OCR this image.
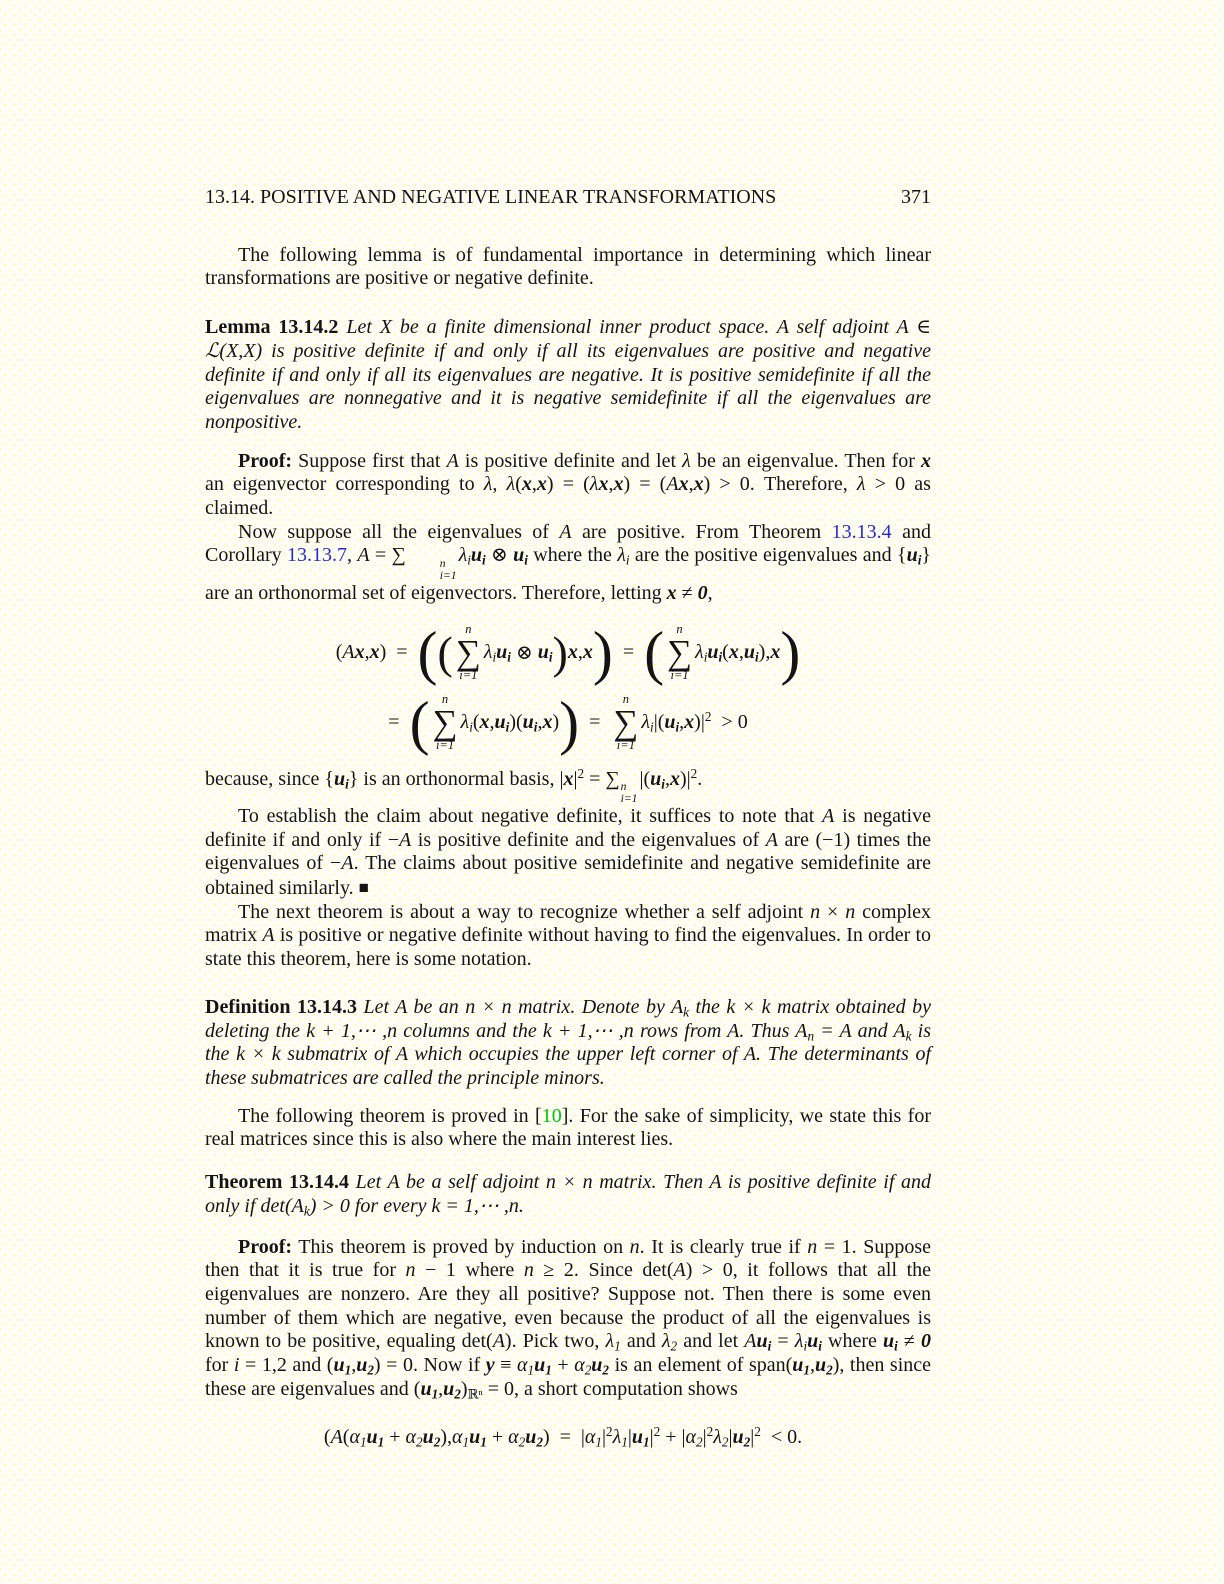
13.14. POSITIVE AND NEGATIVE LINEAR TRANSFORMATIONS	371
The following lemma is of fundamental importance in determining which linear transformations are positive or negative definite.
Lemma 13.14.2 Let X be a finite dimensional inner product space. A self adjoint A ∈ ℒ(X,X) is positive definite if and only if all its eigenvalues are positive and negative definite if and only if all its eigenvalues are negative. It is positive semidefinite if all the eigenvalues are nonnegative and it is negative semidefinite if all the eigenvalues are nonpositive.
Proof: Suppose first that A is positive definite and let λ be an eigenvalue. Then for x an eigenvector corresponding to λ, λ(x,x) = (λx,x) = (Ax,x) > 0. Therefore, λ > 0 as claimed.
Now suppose all the eigenvalues of A are positive. From Theorem 13.13.4 and Corollary 13.13.7, A = ∑	n
i=1
$\lambda_iu_i$ ⊗ $u_i$ where the $\lambda_i$ are the positive eigenvalues and $\{u_i\}$ are an orthonormal set of eigenvectors. Therefore, letting x ≠ 0,
( A x , x ) = ( ( n
∑
i=1
$\lambda_i$ $u_i$ ⊗ $u_i$ ) x , x ) = ( n
∑
i=1
$\lambda_i$ $u_i$ ( x , $u_i$ ) , x )
= ( n
∑
i=1
$\lambda_i$ ( x , $u_i$ )( $u_i$ , x ) ) =
n
∑
i=1
$\lambda_i$ |( $u_i$ , x )$|^2 > 0$
because, since $\{u_i\}$ is an orthonormal basis, $|x|^2$ = ∑ n
i=1
$|(u_i,x)|^2$.
To establish the claim about negative definite, it suffices to note that A is negative definite if and only if −A is positive definite and the eigenvalues of A are (−1) times the eigenvalues of −A. The claims about positive semidefinite and negative semidefinite are obtained similarly. ■
The next theorem is about a way to recognize whether a self adjoint n × n complex matrix A is positive or negative definite without having to find the eigenvalues. In order to state this theorem, here is some notation.
Definition 13.14.3 Let A be an n × n matrix. Denote by $A_k$ the k × k matrix obtained by deleting the k + 1,⋯ ,n columns and the k + 1,⋯ ,n rows from A. Thus $A_n = A$ and $A_k$ is the k × k submatrix of A which occupies the upper left corner of A. The determinants of these submatrices are called the principle minors.
The following theorem is proved in [10]. For the sake of simplicity, we state this for real matrices since this is also where the main interest lies.
Theorem 13.14.4 Let A be a self adjoint n × n matrix. Then A is positive definite if and only if $\det(A_k) > 0$ for every k = 1,⋯ ,n.
Proof: This theorem is proved by induction on n. It is clearly true if n = 1. Suppose then that it is true for n − 1 where n ≥ 2. Since det(A) > 0, it follows that all the eigenvalues are nonzero. Are they all positive? Suppose not. Then there is some even number of them which are negative, even because the product of all the eigenvalues is known to be positive, equaling det(A). Pick two, $\lambda_1$ and $\lambda_2$ and let $Au_i = \lambda_iu_i$ where $u_i \ne 0$ for i = 1,2 and $(u_1,u_2) = 0$. Now if $y \equiv \alpha_1u_1 + \alpha_2u_2$ is an element of $span(u_1,u_2)$, then since these are eigenvalues and $(u_1,u_2)_{ℝ^n} = 0$, a short computation shows
( A ( $\alpha_1$ $u_1 + \alpha_2$ $u_2$ ) , $\alpha_1$ $u_1 + \alpha_2$ $u_2$ ) = | $\alpha_1$ $|^2$ $\lambda_1$ | $u_1$ $|^2$ + | $\alpha_2$ $|^2$ $\lambda_2$ | $u_2$ $|^2 < 0$.
